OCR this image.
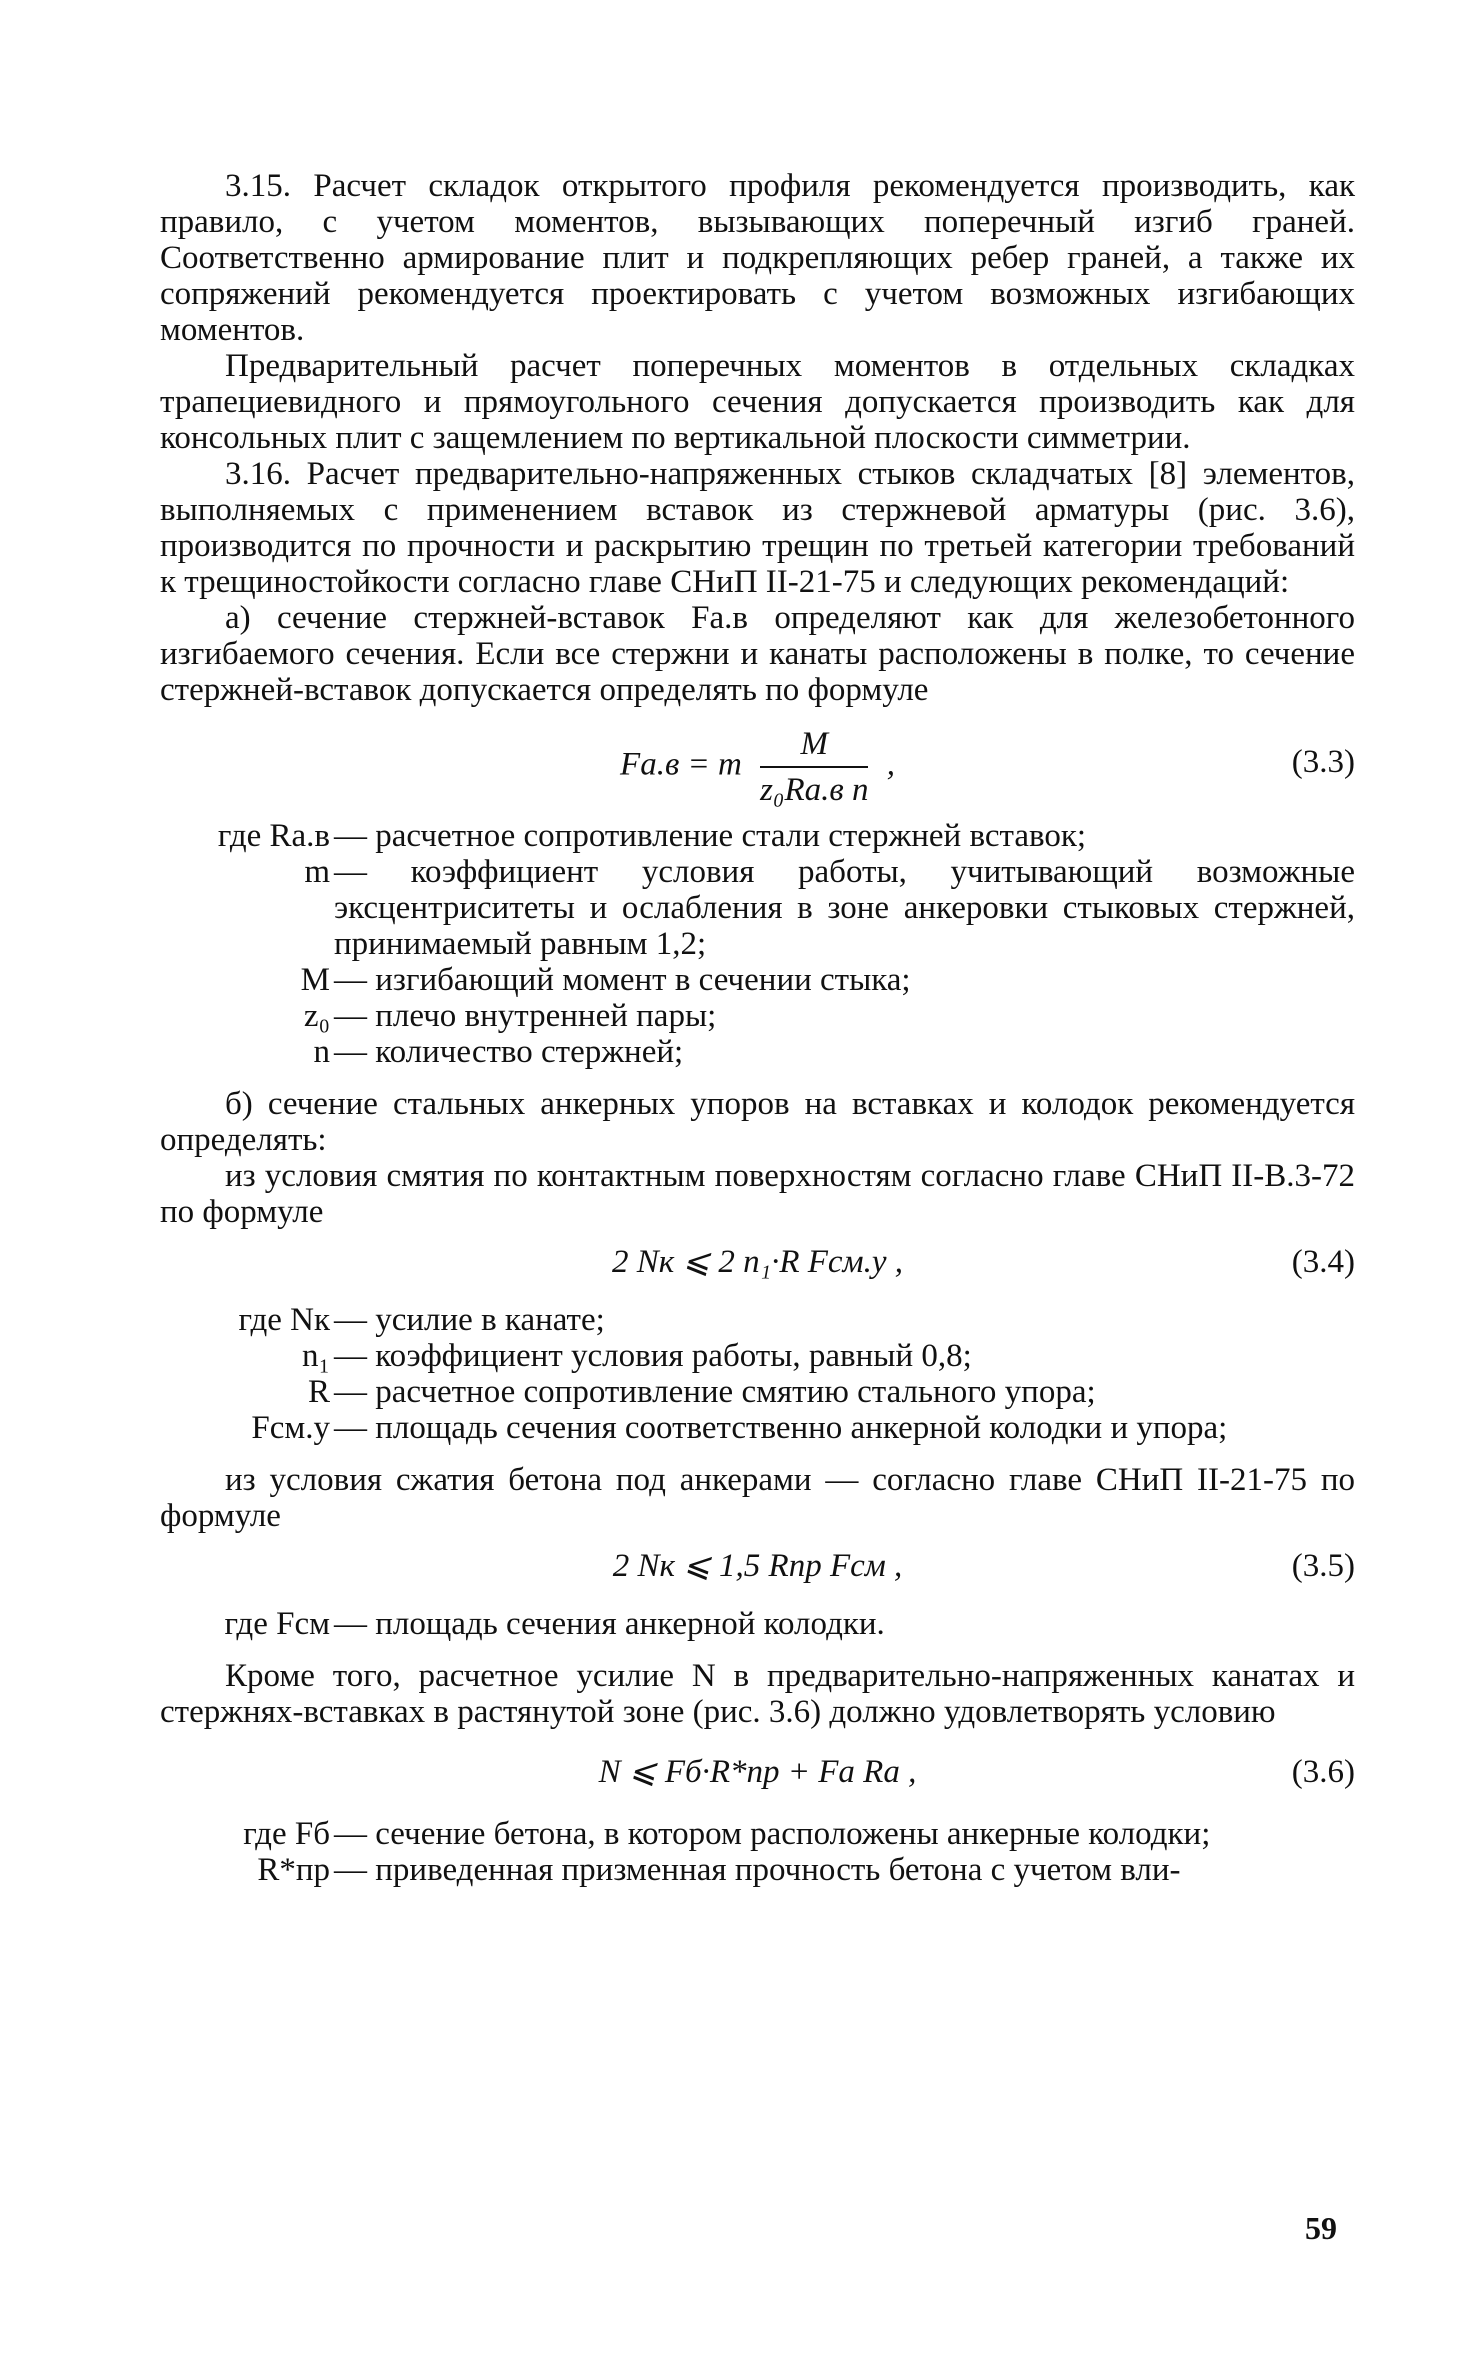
3.15. Расчет складок открытого профиля рекомендуется производить, как правило, с учетом моментов, вызывающих поперечный изгиб граней. Соответственно армирование плит и подкрепляющих ребер граней, а также их сопряжений рекомендуется проектировать с учетом возможных изгибающих моментов.

Предварительный расчет поперечных моментов в отдельных складках трапециевидного и прямоугольного сечения допускается производить как для консольных плит с защемлением по вертикальной плоскости симметрии.

3.16. Расчет предварительно-напряженных стыков складчатых [8] элементов, выполняемых с применением вставок из стержневой арматуры (рис. 3.6), производится по прочности и раскрытию трещин по третьей категории требований к трещиностойкости согласно главе СНиП II-21-75 и следующих рекомендаций:

а) сечение стержней-вставок Fа.в определяют как для железобетонного изгибаемого сечения. Если все стержни и канаты расположены в полке, то сечение стержней-вставок допускается определять по формуле

Fа.в = m $\frac{M}{\text{z₀Rа.в n}}$ ,	(3.3)
где Rа.в — расчетное сопротивление стали стержней вставок;
m — коэффициент условия работы, учитывающий возможные эксцентриситеты и ослабления в зоне анкеровки стыковых стержней, принимаемый равным 1,2;
M — изгибающий момент в сечении стыка;
z₀ — плечо внутренней пары;
n — количество стержней;

б) сечение стальных анкерных упоров на вставках и колодок рекомендуется определять:

из условия смятия по контактным поверхностям согласно главе СНиП II-В.3-72 по формуле

2 Nк ⩽ 2 n₁·R Fсм.у ,	(3.4)
где Nк — усилие в канате;
n₁ — коэффициент условия работы, равный 0,8;
R — расчетное сопротивление смятию стального упора;
Fсм.у — площадь сечения соответственно анкерной колодки и упора;

из условия сжатия бетона под анкерами — согласно главе СНиП II-21-75 по формуле

2 Nк ⩽ 1,5 Rпр Fсм ,	(3.5)
где Fсм — площадь сечения анкерной колодки.

Кроме того, расчетное усилие N в предварительно-напряженных канатах и стержнях-вставках в растянутой зоне (рис. 3.6) должно удовлетворять условию

N ⩽ Fб·R*пр + Fа Rа ,	(3.6)
где Fб — сечение бетона, в котором расположены анкерные колодки;
R*пр — приведенная призменная прочность бетона с учетом вли-
59
